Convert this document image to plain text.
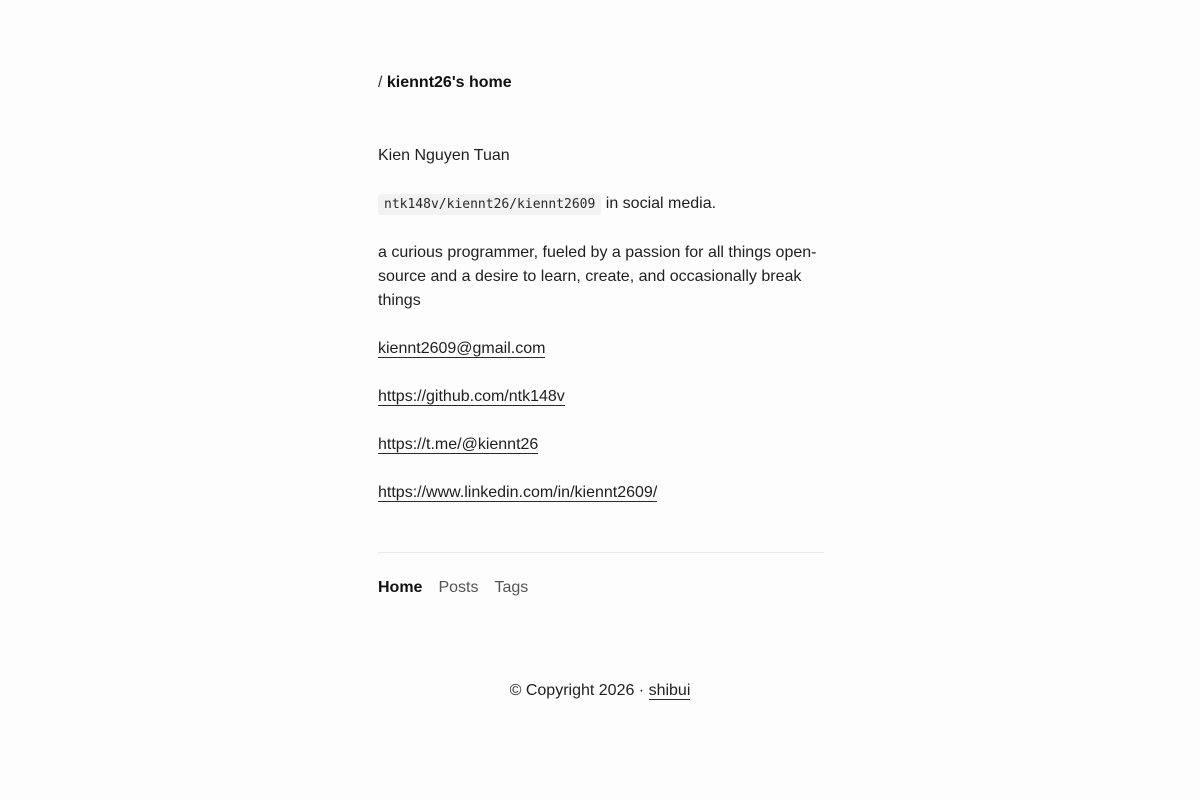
/ kiennt26's home

Kien Nguyen Tuan

ntk148v/kiennt26/kiennt2609 in social media.

a curious programmer, fueled by a passion for all things open-source and a desire to learn, create, and occasionally break things

kiennt2609@gmail.com

https://github.com/ntk148v

https://t.me/@kiennt26

https://www.linkedin.com/in/kiennt2609/

Home Posts Tags
© Copyright 2026 · shibui
